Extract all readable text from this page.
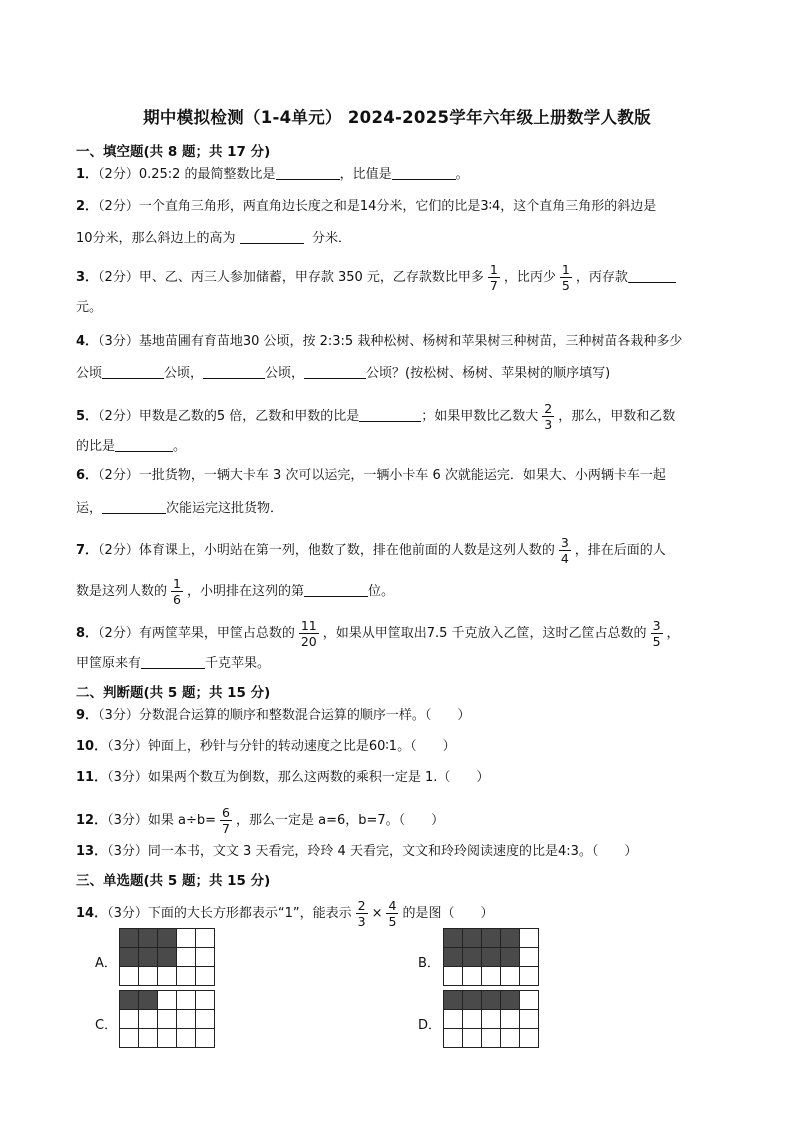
期中模拟检测（1-4单元） 2024-2025学年六年级上册数学人教版
一、填空题(共 8 题；共 17 分)
1．（2分）0.25:2 的最简整数比是	，比值是	。
2．（2分）一个直角三角形，两直角边长度之和是14分米，它们的比是3∶4，这个直角三角形的斜边是
10分米，那么斜边上的高为	分米．
3．（2分）甲、乙、丙三人参加储蓄，甲存款 350 元，乙存款数比甲多 $\frac{1}{7}$ ，比丙少 $\frac{1}{5}$ ，丙存款
元。
4．（3分）基地苗圃有育苗地30 公顷，按 2:3:5 栽种松树、杨树和苹果树三种树苗，三种树苗各栽种多少
公顷	公顷，	公顷，	公顷？(按松树、杨树、苹果树的顺序填写)
5．（2分）甲数是乙数的5 倍，乙数和甲数的比是	；如果甲数比乙数大 $\frac{2}{3}$ ，那么，甲数和乙数
的比是	。
6．（2分）一批货物，一辆大卡车 3 次可以运完，一辆小卡车 6 次就能运完．如果大、小两辆卡车一起
运，	次能运完这批货物．
7．（2分）体育课上，小明站在第一列，他数了数，排在他前面的人数是这列人数的 $\frac{3}{4}$ ，排在后面的人
数是这列人数的 $\frac{1}{6}$ ，小明排在这列的第	位。
8．（2分）有两筐苹果，甲筐占总数的 $\frac{11}{20}$ ，如果从甲筐取出7.5 千克放入乙筐，这时乙筐占总数的 $\frac{3}{5}$ ，
甲筐原来有	千克苹果。
二、判断题(共 5 题；共 15 分)
9．（3分）分数混合运算的顺序和整数混合运算的顺序一样。（　　）
10．（3分）钟面上，秒针与分针的转动速度之比是60∶1。（　　）
11．（3分）如果两个数互为倒数，那么这两数的乘积一定是 1.（　　）
12．（3分）如果 $a\div b= \frac{6}{7}$ ，那么一定是 a=6，b=7。（　　）
13．（3分）同一本书，文文 3 天看完，玲玲 4 天看完，文文和玲玲阅读速度的比是4:3。（　　）
三、单选题(共 5 题；共 15 分)
14．（3分）下面的大长方形都表示“1”，能表示 $\frac{2}{3} \times \frac{4}{5}$ 的是图（　　）
A．

					B．

C．

					D．
